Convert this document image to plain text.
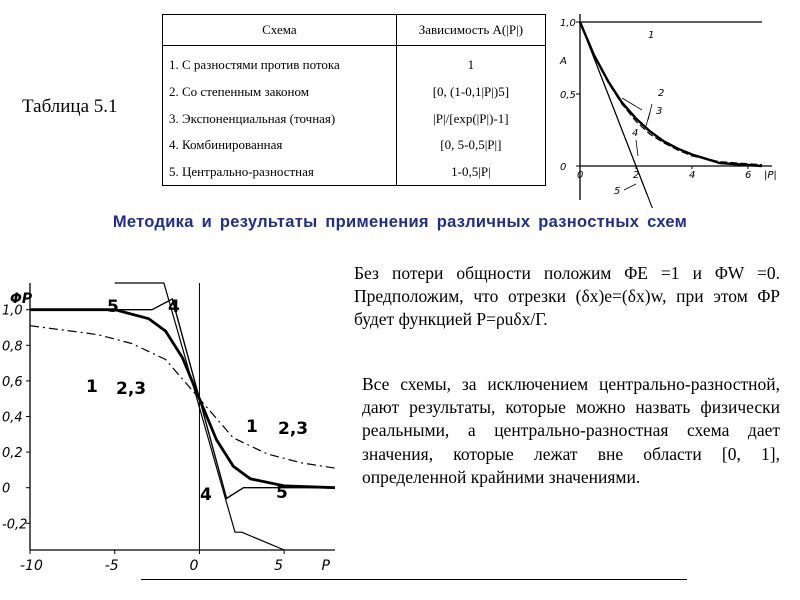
Таблица 5.1
Схема	Зависимость A(|P|)
1. С разностями против потока	1
2. Со степенным законом	[0, (1-0,1|P|)5]
3. Экспоненциальная (точная)	|P|/[exp(|P|)-1]
4. Комбинированная	[0, 5-0,5|P|]
5. Центрально-разностная	1-0,5|P|
1,0
0,5
0
A
0	2	4	6 |P|
1
2
3
4
5
Методика и результаты применения различных разностных схем
1,0
0,8
0,6
0,4
0,2
0
-0,2
ΦP
-10	-5	0	5	P
5	4
1 2,3
1 2,3
4	5
Без потери общности положим ΦE =1 и ΦW =0. Предположим, что отрезки (δx)e=(δx)w, при этом ΦP будет функцией P=ρuδx/Γ.
Все схемы, за исключением центрально-разностной, дают результаты, которые можно назвать физически реальными, а центрально-разностная схема дает значения, которые лежат вне области [0, 1], определенной крайними значениями.
